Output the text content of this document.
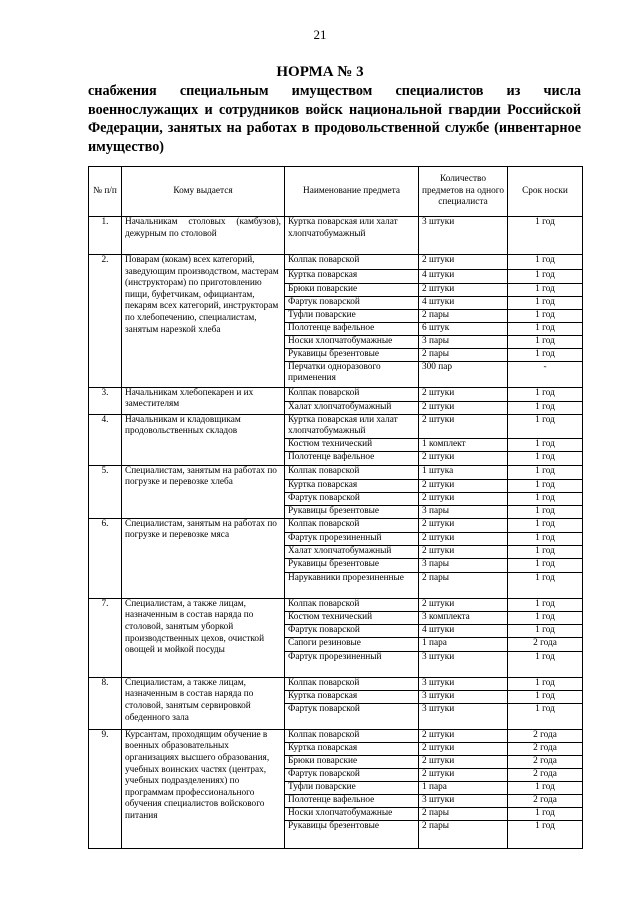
21
НОРМА № 3
снабжения специальным имуществом специалистов из числа военнослужащих и сотрудников войск национальной гвардии Российской Федерации, занятых на работах в продовольственной службе (инвентарное имущество)
№ п/п	Кому выдается	Наименование предмета	Количество предметов на одного специалиста	Срок носки
1.	Начальникам столовых (камбузов), дежурным по столовой	Куртка поварская или халат хлопчатобумажный	3 штуки	1 год
2.	Поварам (кокам) всех категорий, заведующим производством, мастерам (инструкторам) по приготовлению пищи, буфетчикам, официантам, пекарям всех категорий, инструкторам по хлебопечению, специалистам, занятым нарезкой хлеба	Колпак поварской	2 штуки	1 год
		Куртка поварская	4 штуки	1 год
		Брюки поварские	2 штуки	1 год
		Фартук поварской	4 штуки	1 год
		Туфли поварские	2 пары	1 год
		Полотенце вафельное	6 штук	1 год
		Носки хлопчатобумажные	3 пары	1 год
		Рукавицы брезентовые	2 пары	1 год
		Перчатки одноразового применения	300 пар	-
3.	Начальникам хлебопекарен и их заместителям	Колпак поварской	2 штуки	1 год
		Халат хлопчатобумажный	2 штуки	1 год
4.	Начальникам и кладовщикам продовольственных складов	Куртка поварская или халат хлопчатобумажный	2 штуки	1 год
		Костюм технический	1 комплект	1 год
		Полотенце вафельное	2 штуки	1 год
5.	Специалистам, занятым на работах по погрузке и перевозке хлеба	Колпак поварской	1 штука	1 год
		Куртка поварская	2 штуки	1 год
		Фартук поварской	2 штуки	1 год
		Рукавицы брезентовые	3 пары	1 год
6.	Специалистам, занятым на работах по погрузке и перевозке мяса	Колпак поварской	2 штуки	1 год
		Фартук прорезиненный	2 штуки	1 год
		Халат хлопчатобумажный	2 штуки	1 год
		Рукавицы брезентовые	3 пары	1 год
		Нарукавники прорезиненные	2 пары	1 год
7.	Специалистам, а также лицам, назначенным в состав наряда по столовой, занятым уборкой производственных цехов, очисткой овощей и мойкой посуды	Колпак поварской	2 штуки	1 год
		Костюм технический	3 комплекта	1 год
		Фартук поварской	4 штуки	1 год
		Сапоги резиновые	1 пара	2 года
		Фартук прорезиненный	3 штуки	1 год
8.	Специалистам, а также лицам, назначенным в состав наряда по столовой, занятым сервировкой обеденного зала	Колпак поварской	3 штуки	1 год
		Куртка поварская	3 штуки	1 год
		Фартук поварской	3 штуки	1 год
9.	Курсантам, проходящим обучение в военных образовательных организациях высшего образования, учебных воинских частях (центрах, учебных подразделениях) по программам профессионального обучения специалистов войскового питания	Колпак поварской	2 штуки	2 года
		Куртка поварская	2 штуки	2 года
		Брюки поварские	2 штуки	2 года
		Фартук поварской	2 штуки	2 года
		Туфли поварские	1 пара	1 год
		Полотенце вафельное	3 штуки	2 года
		Носки хлопчатобумажные	2 пары	1 год
		Рукавицы брезентовые	2 пары	1 год
